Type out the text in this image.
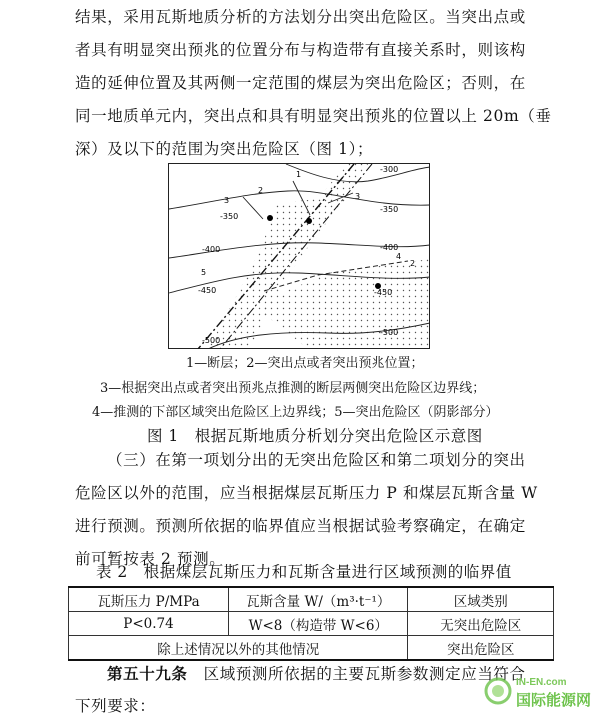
结果，采用瓦斯地质分析的方法划分出突出危险区。当突出点或
者具有明显突出预兆的位置分布与构造带有直接关系时，则该构
造的延伸位置及其两侧一定范围的煤层为突出危险区；否则，在
同一地质单元内，突出点和具有明显突出预兆的位置以上 20m（垂
深）及以下的范围为突出危险区（图 1）；
-300
-350
-350
-400	-400
-450	-450
-500
-500
1
2
2
3	3
4
5
1—断层；2—突出点或者突出预兆位置；
3—根据突出点或者突出预兆点推测的断层两侧突出危险区边界线；
4—推测的下部区域突出危险区上边界线；5—突出危险区（阴影部分）
图 1　根据瓦斯地质分析划分突出危险区示意图
（三）在第一项划分出的无突出危险区和第二项划分的突出
危险区以外的范围，应当根据煤层瓦斯压力 P 和煤层瓦斯含量 W
进行预测。预测所依据的临界值应当根据试验考察确定，在确定
前可暂按表 2 预测。
表 2　根据煤层瓦斯压力和瓦斯含量进行区域预测的临界值
瓦斯压力 P/MPa	瓦斯含量 W/（m³·t⁻¹）	区域类别
P<0.74	W<8（构造带 W<6）	无突出危险区
除上述情况以外的其他情况		突出危险区
第五十九条　区域预测所依据的主要瓦斯参数测定应当符合
下列要求：
IN-EN.com
国际能源网
